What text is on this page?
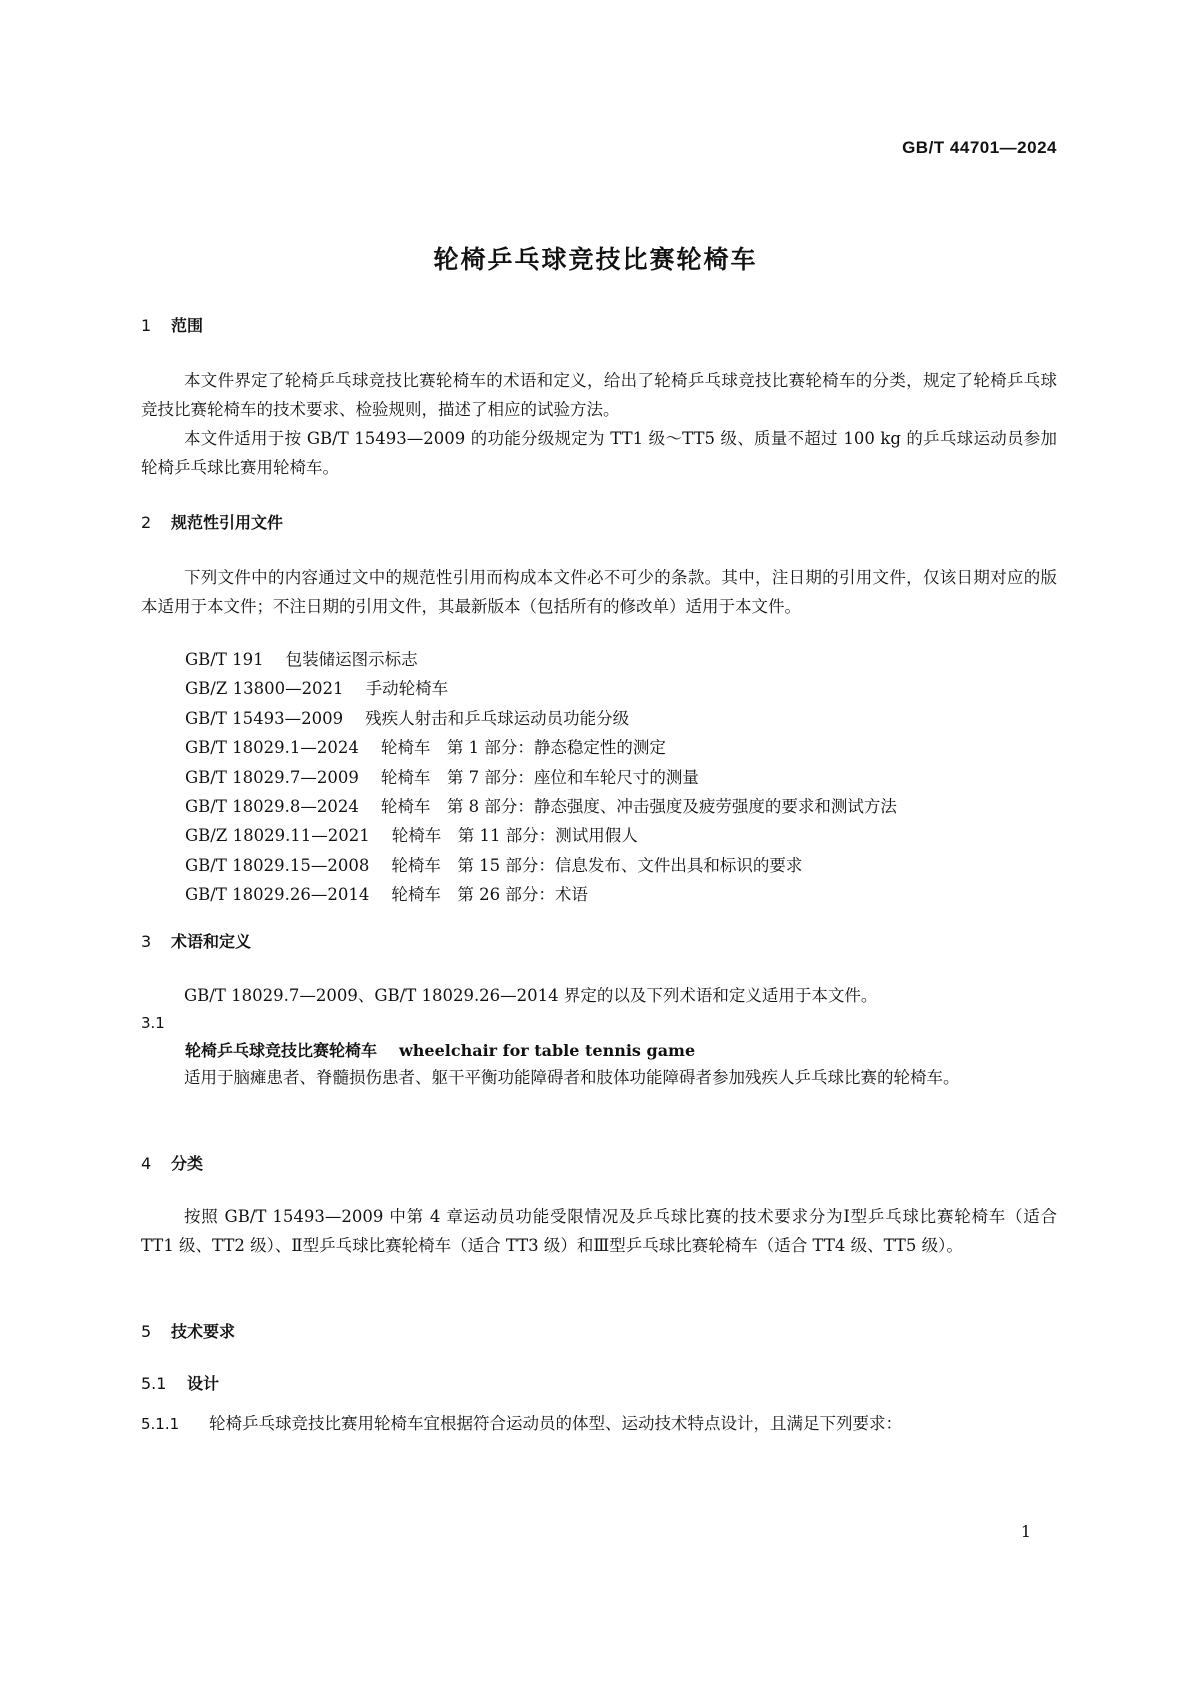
GB/T 44701—2024
轮椅乒乓球竞技比赛轮椅车
1 范围

本文件界定了轮椅乒乓球竞技比赛轮椅车的术语和定义，给出了轮椅乒乓球竞技比赛轮椅车的分类，规定了轮椅乒乓球竞技比赛轮椅车的技术要求、检验规则，描述了相应的试验方法。

本文件适用于按 GB/T 15493—2009 的功能分级规定为 TT1 级～TT5 级、质量不超过 100 kg 的乒乓球运动员参加轮椅乒乓球比赛用轮椅车。

2 规范性引用文件

下列文件中的内容通过文中的规范性引用而构成本文件必不可少的条款。其中，注日期的引用文件，仅该日期对应的版本适用于本文件；不注日期的引用文件，其最新版本（包括所有的修改单）适用于本文件。

GB/T 191 包装储运图示标志
GB/Z 13800—2021 手动轮椅车
GB/T 15493—2009 残疾人射击和乒乓球运动员功能分级
GB/T 18029.1—2024 轮椅车　第 1 部分：静态稳定性的测定
GB/T 18029.7—2009 轮椅车　第 7 部分：座位和车轮尺寸的测量
GB/T 18029.8—2024 轮椅车　第 8 部分：静态强度、冲击强度及疲劳强度的要求和测试方法
GB/Z 18029.11—2021 轮椅车　第 11 部分：测试用假人
GB/T 18029.15—2008 轮椅车　第 15 部分：信息发布、文件出具和标识的要求
GB/T 18029.26—2014 轮椅车　第 26 部分：术语
3 术语和定义

GB/T 18029.7—2009、GB/T 18029.26—2014 界定的以及下列术语和定义适用于本文件。

3.1
轮椅乒乓球竞技比赛轮椅车 wheelchair for table tennis game

适用于脑瘫患者、脊髓损伤患者、躯干平衡功能障碍者和肢体功能障碍者参加残疾人乒乓球比赛的轮椅车。

4 分类

按照 GB/T 15493—2009 中第 4 章运动员功能受限情况及乒乓球比赛的技术要求分为Ⅰ型乒乓球比赛轮椅车（适合 TT1 级、TT2 级）、Ⅱ型乒乓球比赛轮椅车（适合 TT3 级）和Ⅲ型乒乓球比赛轮椅车（适合 TT4 级、TT5 级）。

5 技术要求
5.1 设计
5.1.1 轮椅乒乓球竞技比赛用轮椅车宜根据符合运动员的体型、运动技术特点设计，且满足下列要求：
1
